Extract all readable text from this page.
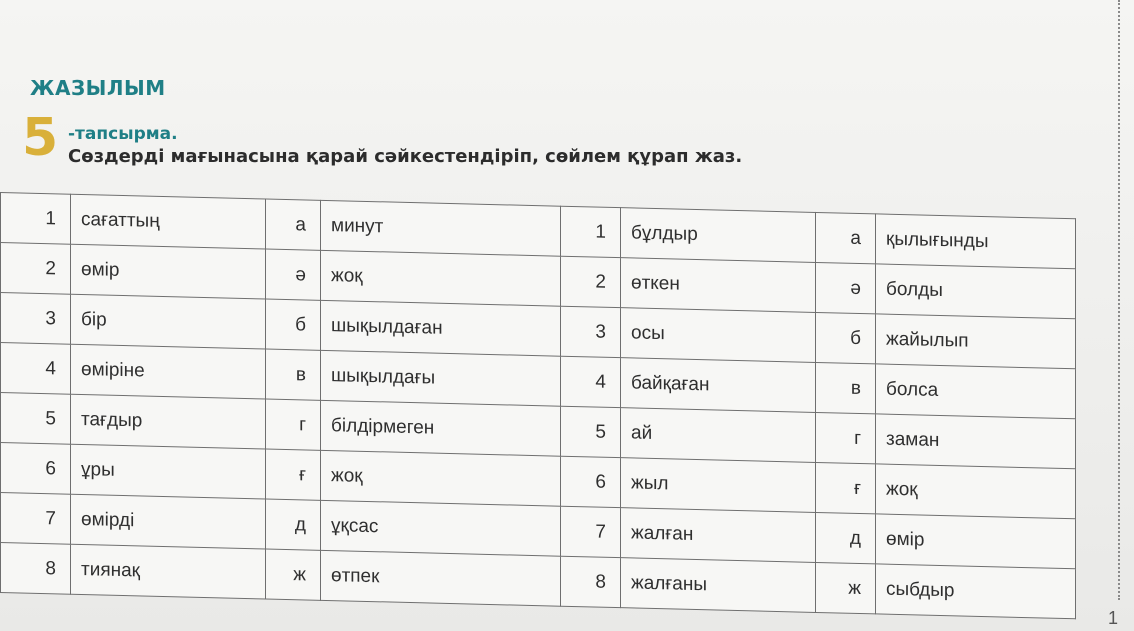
ЖАЗЫЛЫМ
5 -тапсырма.
Сөздерді мағынасына қарай сәйкестендіріп, сөйлем құрап жаз.
1	сағаттың	а	минут	1	бұлдыр	а	қылығынды
2	өмір	ә	жоқ	2	өткен	ә	болды
3	бір	б	шықылдаған	3	осы	б	жайылып
4	өміріне	в	шықылдағы	4	байқаған	в	болса
5	тағдыр	г	білдірмеген	5	ай	г	заман
6	ұры	ғ	жоқ	6	жыл	ғ	жоқ
7	өмірді	д	ұқсас	7	жалған	д	өмір
8	тиянақ	ж	өтпек	8	жалғаны	ж	сыбдыр
1
